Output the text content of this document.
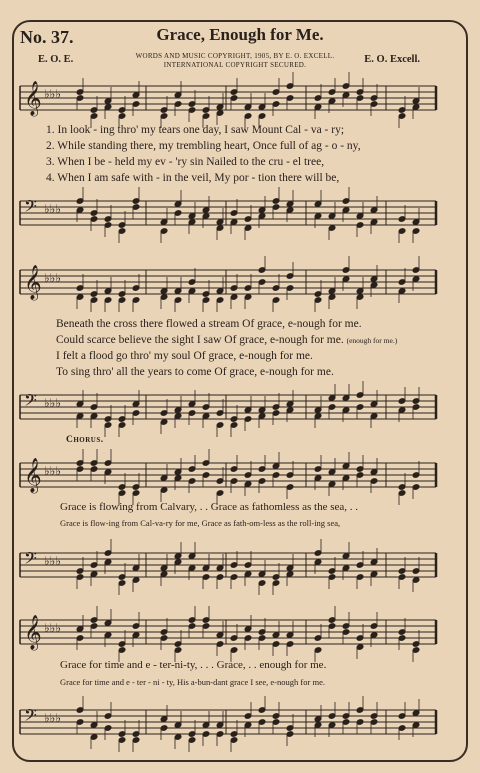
No. 37.	Grace, Enough for Me.
WORDS AND MUSIC COPYRIGHT, 1905, BY E. O. EXCELL.
INTERNATIONAL COPYRIGHT SECURED.
E. O. E.	E. O. Excell.
𝄞 ♭♭♭
𝄢 ♭♭♭
𝄞 ♭♭♭
𝄢 ♭♭♭
𝄞 ♭♭♭
𝄢 ♭♭♭
𝄞 ♭♭♭
𝄢 ♭♭♭
1. In look - ing thro' my tears one day, I saw Mount Cal - va - ry;
2. While standing there, my trembling heart, Once full of ag - o - ny,
3. When I be - held my ev - 'ry sin Nailed to the cru - el tree,
4. When I am safe with - in the veil, My por - tion there will be,
Beneath the cross there flowed a stream Of grace, e-nough for me.
Could scarce believe the sight I saw Of grace, e-nough for me. (enough for me.)
I felt a flood go thro' my soul Of grace, e-nough for me.
To sing thro' all the years to come Of grace, e-nough for me.
Chorus.
Grace is flowing from Calvary, . . Grace as fathomless as the sea, . .
Grace is flow-ing from Cal-va-ry for me, Grace as fath-om-less as the roll-ing sea,
Grace for time and e - ter-ni-ty, . . . Grace, . . enough for me.
Grace for time and e - ter - ni - ty, His a-bun-dant grace I see, e-nough for me.
